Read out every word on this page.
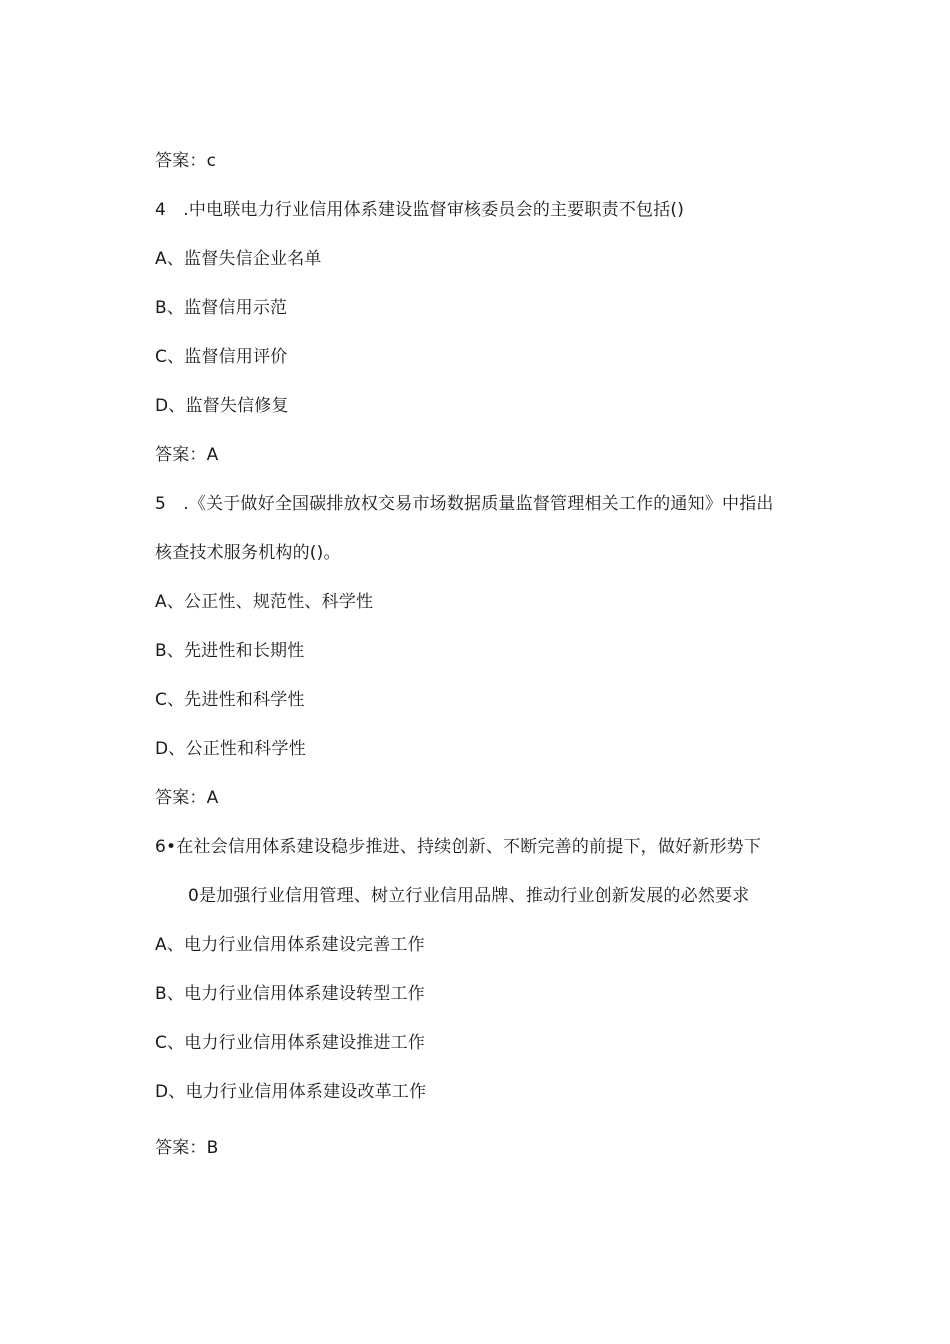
答案：c
4　.中电联电力行业信用体系建设监督审核委员会的主要职责不包括()
A、监督失信企业名单
B、监督信用示范
C、监督信用评价
D、监督失信修复
答案：A
5　.《关于做好全国碳排放权交易市场数据质量监督管理相关工作的通知》中指出
核查技术服务机构的()。
A、公正性、规范性、科学性
B、先进性和长期性
C、先进性和科学性
D、公正性和科学性
答案：A
6•在社会信用体系建设稳步推进、持续创新、不断完善的前提下，做好新形势下
0是加强行业信用管理、树立行业信用品牌、推动行业创新发展的必然要求
A、电力行业信用体系建设完善工作
B、电力行业信用体系建设转型工作
C、电力行业信用体系建设推进工作
D、电力行业信用体系建设改革工作
答案：B
